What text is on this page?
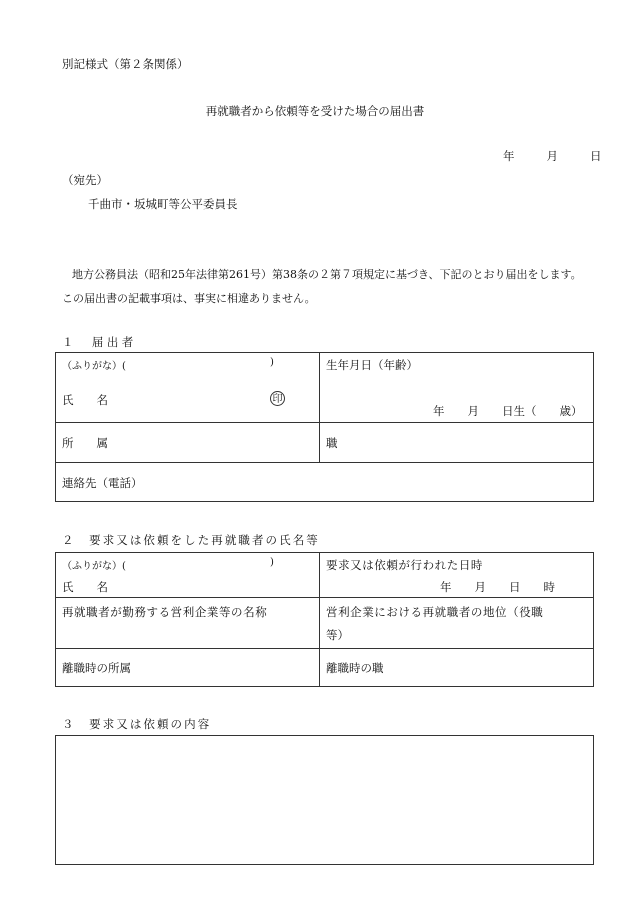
別記様式（第２条関係）
再就職者から依頼等を受けた場合の届出書
年	月	日
（宛先）
千曲市・坂城町等公平委員長
地方公務員法（昭和25年法律第261号）第38条の２第７項規定に基づき、下記のとおり届出をします。
この届出書の記載事項は、事実に相違ありません。
１　届出者
（ふりがな）(	)
氏　　名	印
生年月日（年齢）
年　　月　　日生（　　歳）
所　　属	職
連絡先（電話）
２　要求又は依頼をした再就職者の氏名等
（ふりがな）(	)
氏　　名
要求又は依頼が行われた日時
年　　月　　日　　時
再就職者が勤務する営利企業等の名称	営利企業における再就職者の地位（役職
等）
離職時の所属	離職時の職
３　要求又は依頼の内容
